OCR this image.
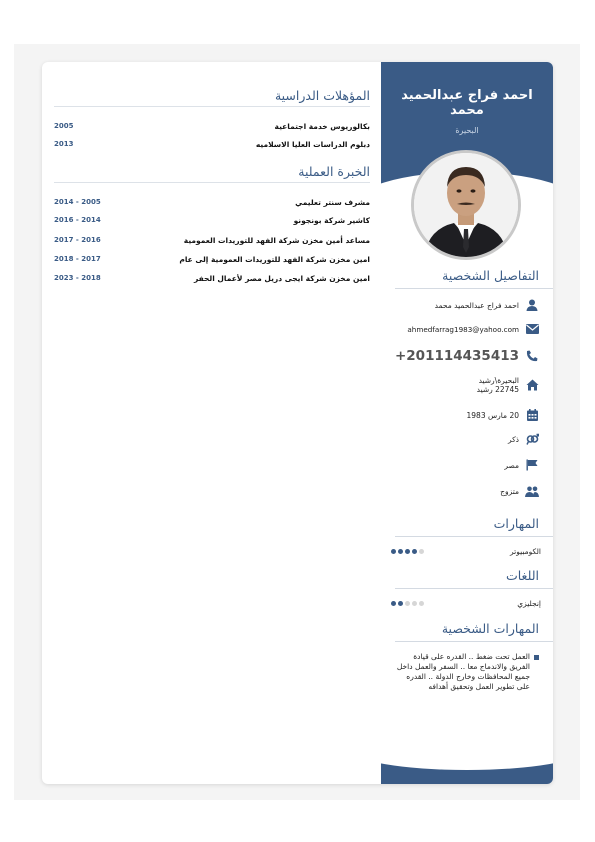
احمد فراج عبدالحميد محمد
البحيرة
التفاصيل الشخصية
احمد فراج عبدالحميد محمد
ahmedfarrag1983@yahoo.com
+201114435413
البحيرة\رشيد
22745 رشيد
20 مارس 1983
ذكر
مصر
متزوج
المهارات
الكومبيوتر
اللغات
إنجليزي
المهارات الشخصية
العمل تحت ضغط .. القدره على قيادة الفريق والاندماج معا .. السفر والعمل داخل جميع المحافظات وخارج الدولة .. القدره على تطوير العمل وتحقيق أهدافه
المؤهلات الدراسية
بكالوريوس خدمة اجتماعية
2005
دبلوم الدراسات العليا الاسلاميه
2013
الخبرة العملية
مشرف سنتر تعليمي
2014 - 2005
كاشير شركة بونجونو
2016 - 2014
مساعد أمين مخزن شركة الفهد للتوريدات العمومية
2017 - 2016
امين مخزن شركة الفهد للتوريدات العمومية إلى عام
2018 - 2017
امين مخزن شركة ايجى دريل مصر لأعمال الحفر
2023 - 2018
